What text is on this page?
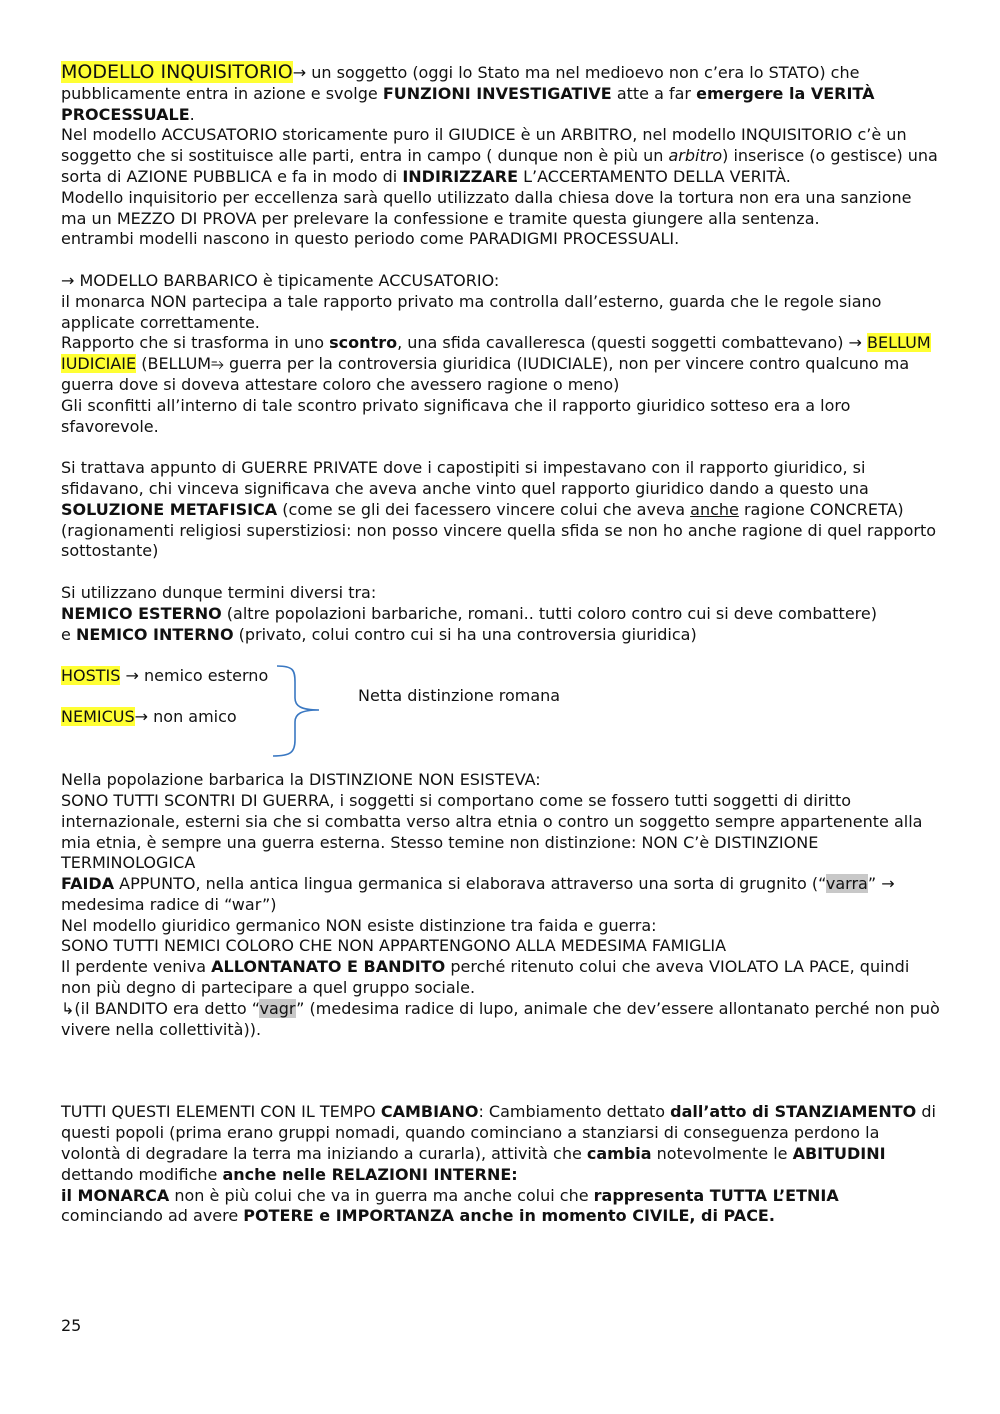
MODELLO INQUISITORIO→ un soggetto (oggi lo Stato ma nel medioevo non c’era lo STATO) che pubblicamente entra in azione e svolge FUNZIONI INVESTIGATIVE atte a far emergere la VERITÀ PROCESSUALE.

Nel modello ACCUSATORIO storicamente puro il GIUDICE è un ARBITRO, nel modello INQUISITORIO c’è un soggetto che si sostituisce alle parti, entra in campo ( dunque non è più un arbitro) inserisce (o gestisce) una sorta di AZIONE PUBBLICA e fa in modo di INDIRIZZARE L’ACCERTAMENTO DELLA VERITÀ.

Modello inquisitorio per eccellenza sarà quello utilizzato dalla chiesa dove la tortura non era una sanzione ma un MEZZO DI PROVA per prelevare la confessione e tramite questa giungere alla sentenza.

entrambi modelli nascono in questo periodo come PARADIGMI PROCESSUALI.

→ MODELLO BARBARICO è tipicamente ACCUSATORIO:

il monarca NON partecipa a tale rapporto privato ma controlla dall’esterno, guarda che le regole siano applicate correttamente.

Rapporto che si trasforma in uno scontro, una sfida cavalleresca (questi soggetti combattevano) → BELLUM IUDICIAIE (BELLUM⥱ guerra per la controversia giuridica (IUDICIALE), non per vincere contro qualcuno ma guerra dove si doveva attestare coloro che avessero ragione o meno)

Gli sconfitti all’interno di tale scontro privato significava che il rapporto giuridico sotteso era a loro sfavorevole.

Si trattava appunto di GUERRE PRIVATE dove i capostipiti si impestavano con il rapporto giuridico, si sfidavano, chi vinceva significava che aveva anche vinto quel rapporto giuridico dando a questo una SOLUZIONE METAFISICA (come se gli dei facessero vincere colui che aveva anche ragione CONCRETA) (ragionamenti religiosi superstiziosi: non posso vincere quella sfida se non ho anche ragione di quel rapporto sottostante)

Si utilizzano dunque termini diversi tra:

NEMICO ESTERNO (altre popolazioni barbariche, romani.. tutti coloro contro cui si deve combattere)

e NEMICO INTERNO (privato, colui contro cui si ha una controversia giuridica)

HOSTIS → nemico esterno
NEMICUS→ non amico
Netta distinzione romana

Nella popolazione barbarica la DISTINZIONE NON ESISTEVA:

SONO TUTTI SCONTRI DI GUERRA, i soggetti si comportano come se fossero tutti soggetti di diritto internazionale, esterni sia che si combatta verso altra etnia o contro un soggetto sempre appartenente alla mia etnia, è sempre una guerra esterna. Stesso temine non distinzione: NON C’è DISTINZIONE TERMINOLOGICA

FAIDA APPUNTO, nella antica lingua germanica si elaborava attraverso una sorta di grugnito (“varra” → medesima radice di “war”)

Nel modello giuridico germanico NON esiste distinzione tra faida e guerra:

SONO TUTTI NEMICI COLORO CHE NON APPARTENGONO ALLA MEDESIMA FAMIGLIA

Il perdente veniva ALLONTANATO E BANDITO perché ritenuto colui che aveva VIOLATO LA PACE, quindi non più degno di partecipare a quel gruppo sociale.

↳(il BANDITO era detto “vagr” (medesima radice di lupo, animale che dev’essere allontanato perché non può vivere nella collettività)).

TUTTI QUESTI ELEMENTI CON IL TEMPO CAMBIANO: Cambiamento dettato dall’atto di STANZIAMENTO di questi popoli (prima erano gruppi nomadi, quando cominciano a stanziarsi di conseguenza perdono la volontà di degradare la terra ma iniziando a curarla), attività che cambia notevolmente le ABITUDINI dettando modifiche anche nelle RELAZIONI INTERNE:

il MONARCA non è più colui che va in guerra ma anche colui che rappresenta TUTTA L’ETNIA cominciando ad avere POTERE e IMPORTANZA anche in momento CIVILE, di PACE.

25
